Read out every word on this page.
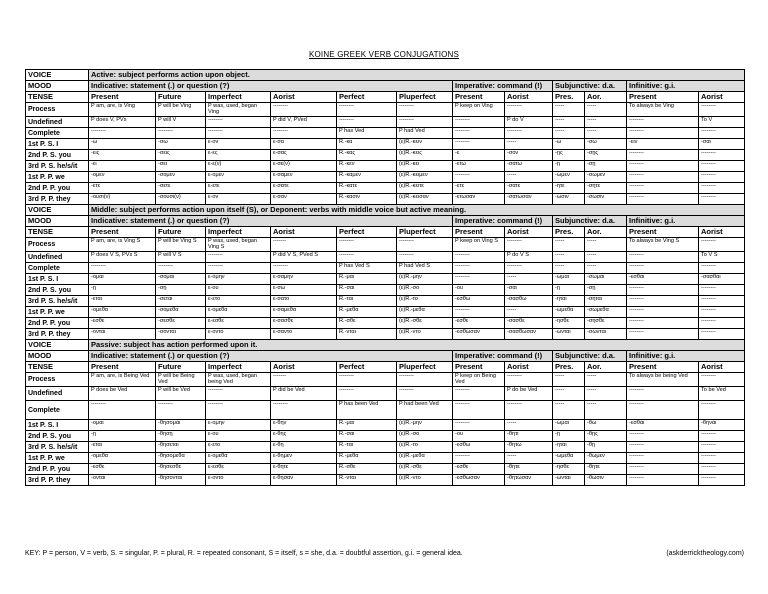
KOINE GREEK VERB CONJUGATIONS
VOICE	Active: subject performs action upon object.											
MOOD	Indicative: statement (.) or question (?)						Imperative: command (!)		Subjunctive: d.a.		Infinitive: g.i.	
TENSE	Present	Future	Imperfect	Aorist	Perfect	Pluperfect	Present	Aorist	Pres.	Aor.	Present	Aorist
Process	P am, are, is Ving	P will be Ving	P was, used, began Ving	--------	--------	--------	P keep on Ving	--------	-----	-----	To always be Ving	--------
Undefined	P does V, PVs	P will V	--------	P did V, PVed	--------	--------	--------	P do V	-----	-----	--------	To V
Complete	--------	--------	--------	--------	P has Ved	P had Ved	--------	--------	-----	-----	--------	--------
1st P. S. I	-ω	-σω	ε-ον	ε-σα	R.-κα	(ε)R.-κειν	--------	-----	-ω	-σω	-ειν	-σαι
2nd P. S. you	-εις	-σεις	ε-ες	ε-σας	R.-κας	(ε)R.-κεις	-ε	-σον	-ῃς	-σῃς	--------	--------
3rd P. S. he/s/it	-ει	-σει	ε-ε(ν)	ε-σε(ν)	R.-κεν	(ε)R.-κει	-ετω	-σατω	-ῃ	-σῃ	--------	--------
1st P. P. we	-ομεν	-σομεν	ε-ομεν	ε-σαμεν	R.-καμεν	(ε)R.-κειμεν	--------	-----	-ωμεν	-σωμεν	--------	--------
2nd P. P. you	-ετε	-σετε	ε-ετε	ε-σατε	R.-κατε	(ε)R.-κειτε	-ετε	-σατε	-ητε	-σητε	--------	--------
3rd P. P. they	-ουσι(ν)	-σουσι(ν)	ε-ον	ε-σαν	R.-κασιν	(ε)R.-κεισαν	-ετωσαν	-σατωσαν	-ωσιν	-σωσιν	--------	--------
VOICE	Middle: subject performs action upon itself (S), or Deponent: verbs with middle voice but active meaning.											
MOOD	Indicative: statement (.) or question (?)						Imperative: command (!)		Subjunctive: d.a.		Infinitive: g.i.	
TENSE	Present	Future	Imperfect	Aorist	Perfect	Pluperfect	Present	Aorist	Pres.	Aor.	Present	Aorist
Process	P am, are, is Ving S	P will be Ving S	P was, used, began Ving S	-------	--------	--------	P keep on Ving S	--------	-----	-----	To always be Ving S	--------
Undefined	P does V S, PVs S	P will V S	--------	P did V S, PVed S	--------	--------	--------	P do V S	-----	-----	--------	To V S
Complete	--------	--------	--------	--------	P has Ved S	P had Ved S	--------	--------	-----	-----	--------	--------
1st P. S. I	-ομαι	-σομαι	ε-ομην	ε-σαμην	R.-μαι	(ε)R.-μην	--------	-----	-ωμαι	-σωμαι	-εσθαι	-σασθαι
2nd P. S. you	-ῃ	-σῃ	ε-ου	ε-σω	R.-σαι	(ε)R.-σο	-ου	-σαι	-ῃ	-σῃ	--------	--------
3rd P. S. he/s/it	-εται	-σεται	ε-ετο	ε-σατο	R.-ται	(ε)R.-το	-εσθω	-σασθω	-ηται	-σηται	--------	--------
1st P. P. we	-ομεθα	-σομεθα	ε-ομεθα	ε-σαμεθα	R.-μεθα	(ε)R.-μεθα	--------	-----	-ωμεθα	-σωμεθα	--------	--------
2nd P. P. you	-εσθε	-σεσθε	ε-εσθε	ε-σασθε	R.-σθε	(ε)R.-σθε	-εσθε	-σασθε	-ησθε	-σησθε	--------	--------
3rd P. P. they	-ονται	-σονται	ε-οντο	ε-σαντο	R.-νται	(ε)R.-ντο	-εσθωσαν	-σασθωσαν	-ωνται	-σωνται	--------	--------
VOICE	Passive: subject has action performed upon it.											
MOOD	Indicative: statement (.) or question (?)						Imperative: command (!)		Subjunctive: d.a.		Infinitive: g.i.	
TENSE	Present	Future	Imperfect	Aorist	Perfect	Pluperfect	Present	Aorist	Pres.	Aor.	Present	Aorist
Process	P am, are, is Being Ved	P will be Being Ved	P was, used, began being Ved	-------	--------	--------	P keep on Being Ved	--------	-----	-----	To always be being Ved	--------
Undefined	P does be Ved	P will be Ved	--------	P did be Ved	--------	--------	--------	P do be Ved	-----	-----	--------	To be Ved
Complete	--------	--------	--------	--------	P has been Ved	P had been Ved	--------	--------	-----	-----	--------	--------
1st P. S. I	-ομαι	-θησομαι	ε-ομην	ε-θην	R.-μαι	(ε)R.-μην	--------	-----	-ωμαι	-θω	-εσθαι	-θηναι
2nd P. S. you	-ῃ	-θησῃ	ε-ου	ε-θης	R.-σαι	(ε)R.-σο	-ου	-θητι	-ῃ	-θῃς	--------	--------
3rd P. S. he/s/it	-εται	-θησεται	ε-ετο	ε-θη	R.-ται	(ε)R.-το	-εσθω	-θητω	-ηται	-θῃ	--------	--------
1st P. P. we	-ομεθα	-θησομεθα	ε-ομεθα	ε-θημεν	R.-μεθα	(ε)R.-μεθα	--------	-----	-ωμεθα	-θωμεν	--------	--------
2nd P. P. you	-εσθε	-θησεσθε	ε-εσθε	ε-θητε	R.-σθε	(ε)R.-σθε	-εσθε	-θητε	-ησθε	-θητε	--------	--------
3rd P. P. they	-ονται	-θησονται	ε-οντο	ε-θησαν	R.-νται	(ε)R.-ντο	-εσθωσαν	-θητωσαν	-ωνται	-θωσιν	--------	--------
KEY: P = person, V = verb, S. = singular, P. = plural, R. = repeated consonant, S = itself, s = she, d.a. = doubtful assertion, g.i. = general idea.	(askderricktheology.com)
